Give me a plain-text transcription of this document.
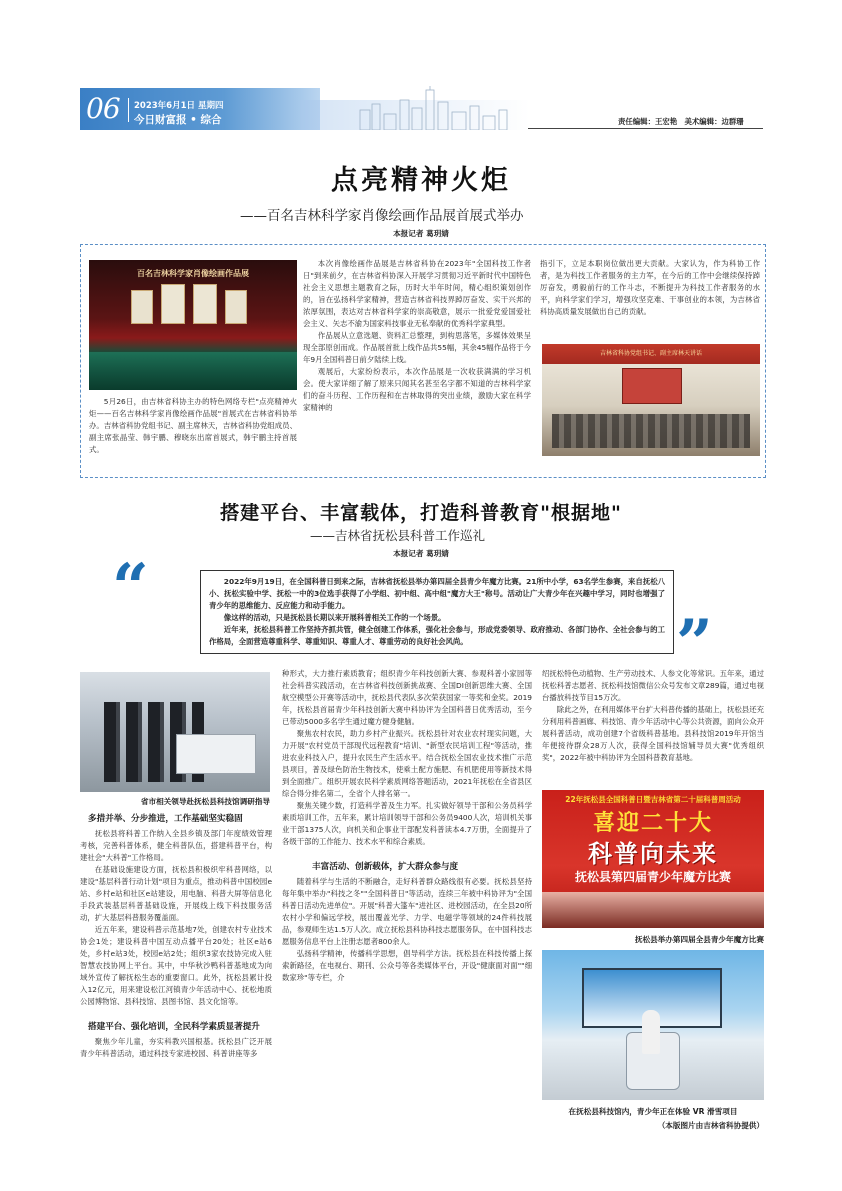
06 2023年6月1日 星期四
今日财富报 • 综合	责任编辑：王宏艳　美术编辑：边群珊
点亮精神火炬
——百名吉林科学家肖像绘画作品展首展式举办
本报记者 葛玥婧
百名吉林科学家肖像绘画作品展

5月26日，由吉林省科协主办的特色网络专栏"点亮精神火炬——百名吉林科学家肖像绘画作品展"首展式在吉林省科协举办。吉林省科协党组书记、副主席林天，吉林省科协党组成员、副主席张晶莹、韩宇鹏、穆晓东出席首展式，韩宇鹏主持首展式。

本次肖像绘画作品展是吉林省科协在2023年"全国科技工作者日"到来前夕，在吉林省科协深入开展学习贯彻习近平新时代中国特色社会主义思想主题教育之际，历时大半年时间，精心组织策划创作的，旨在弘扬科学家精神，营造吉林省科技界踔厉奋发、实干兴邦的浓厚氛围，表达对吉林省科学家的崇高敬意，展示一批爱党爱国爱社会主义、矢志不渝为国家科技事业无私奉献的优秀科学家典型。

作品展从立意选题、资料汇总整理，到构思落笔，多媒体效果呈现全部原创而成。作品展首批上线作品共55幅，其余45幅作品将于今年9月全国科普日前夕陆续上线。

观展后，大家纷纷表示，本次作品展是一次收获满满的学习机会。使大家详细了解了原来只闻其名甚至名字都不知道的吉林科学家们的奋斗历程、工作历程和在吉林取得的突出业绩，激励大家在科学家精神的

指引下，立足本职岗位做出更大贡献。大家认为，作为科协工作者，是为科技工作者服务的主力军，在今后的工作中会继续保持踔厉奋发，勇毅前行的工作斗志，不断提升为科技工作者服务的水平，向科学家们学习，增强攻坚克难、干事创业的本领，为吉林省科协高质量发展做出自己的贡献。

吉林省科协党组书记、副主席林天讲话
搭建平台、丰富载体，打造科普教育"根据地"
——吉林省抚松县科普工作巡礼
本报记者 葛玥婧
“
”

2022年9月19日，在全国科普日到来之际，吉林省抚松县举办第四届全县青少年魔方比赛。21所中小学，63名学生参赛，来自抚松八小、抚松实验中学、抚松一中的3位选手获得了小学组、初中组、高中组"魔方大王"称号。活动让广大青少年在兴趣中学习，同时也增强了青少年的思维能力、反应能力和动手能力。

像这样的活动，只是抚松县长期以来开展科普相关工作的一个场景。

近年来，抚松县科普工作坚持齐抓共管，健全创建工作体系，强化社会参与，形成党委领导、政府推动、各部门协作、全社会参与的工作格局，全面营造尊重科学、尊重知识、尊重人才、尊重劳动的良好社会风尚。

省市相关领导赴抚松县科技馆调研指导
多措并举、分步推进，工作基础坚实稳固

抚松县将科普工作纳入全县乡镇及部门年度绩效管理考核，完善科普体系，健全科普队伍，搭建科普平台，构建社会"大科普"工作格局。

在基础设施建设方面，抚松县积极织牢科普网络，以建设"基层科普行动计划"项目为重点，推动科普中国校园e站、乡村e站和社区e站建设，用电脑、科普大屏等信息化手段武装基层科普基础设施，开展线上线下科技服务活动，扩大基层科普服务覆盖面。

近五年来，建设科普示范基地7处，创建农村专业技术协会1处；建设科普中国互动点播平台20处；社区e站6处，乡村e站3处，校园e站2处；组织3家农技协完成入驻智慧农技协网上平台。其中，中华秋沙鸭科普基地成为向域外宣传了解抚松生态的重要窗口。此外，抚松县累计投入12亿元，用来建设松江河镇青少年活动中心、抚松地质公园博物馆、县科技馆、县图书馆、县文化馆等。

搭建平台、强化培训，全民科学素质显著提升

聚焦少年儿童，夯实科教兴国根基。抚松县广泛开展青少年科普活动，通过科技专家进校园、科普讲座等多

种形式，大力推行素质教育；组织青少年科技创新大赛、参观科普小家园等社会科普实践活动，在吉林省科技创新挑战赛、全国DI创新思维大赛、全国航空模型公开赛等活动中，抚松县代表队多次荣获国家一等奖和金奖。2019年，抚松县首届青少年科技创新大赛中科协评为全国科普日优秀活动，至今已带动5000多名学生通过魔方健身健脑。

聚焦农村农民，助力乡村产业振兴。抚松县针对农业农村现实问题，大力开展"农村党员干部现代远程教育"培训、"新型农民培训工程"等活动，推进农业科技入户，提升农民生产生活水平。结合抚松全国农业技术推广示范县项目，普及绿色防治生物技术，使乘土配方施肥、有机肥使用等新技术得到全面推广。组织开展农民科学素质网络答题活动，2021年抚松在全省县区综合得分排名第二，全省个人排名第一。

聚焦关键少数，打造科学普及生力军。扎实做好领导干部和公务员科学素质培训工作，五年来，累计培训领导干部和公务员9400人次，培训机关事业干部1375人次，向机关和企事业干部配发科普读本4.7万册，全面提升了各级干部的工作能力、技术水平和综合素质。

丰富活动、创新载体，扩大群众参与度

随着科学与生活的不断融合，走好科普群众路线很有必要。抚松县坚持每年集中举办"科技之冬""全国科普日"等活动，连续三年被中科协评为"全国科普日活动先进单位"。开展"科普大篷车"进社区、进校园活动，在全县20所农村小学和偏远学校，展出覆盖光学、力学、电磁学等领域的24件科技展品，参观师生达1.5万人次。成立抚松县科协科技志愿服务队，在中国科技志愿服务信息平台上注册志愿者800余人。

弘扬科学精神，传播科学思想，倡导科学方法。抚松县在科技传播上探索新路径，在电视台、期刊、公众号等各类媒体平台，开设"健康面对面""细数家珍"等专栏，介

绍抚松特色动植物、生产劳动技术、人参文化等常识。五年来，通过抚松科普志愿者、抚松科技馆微信公众号发布文章289篇，通过电视台播放科技节目15万次。

除此之外，在利用媒体平台扩大科普传播的基础上，抚松县还充分利用科普画廊、科技馆、青少年活动中心等公共资源，面向公众开展科普活动，成功创建7个省级科普基地。县科技馆2019年开馆当年便接待群众28万人次，获得全国科技馆辅导员大赛"优秀组织奖"，2022年被中科协评为全国科普教育基地。

22年抚松县全国科普日暨吉林省第二十届科普周活动
喜迎二十大
科普向未来
抚松县第四届青少年魔方比赛
抚松县举办第四届全县青少年魔方比赛
在抚松县科技馆内，青少年正在体验 VR 滑雪项目
（本版图片由吉林省科协提供）
